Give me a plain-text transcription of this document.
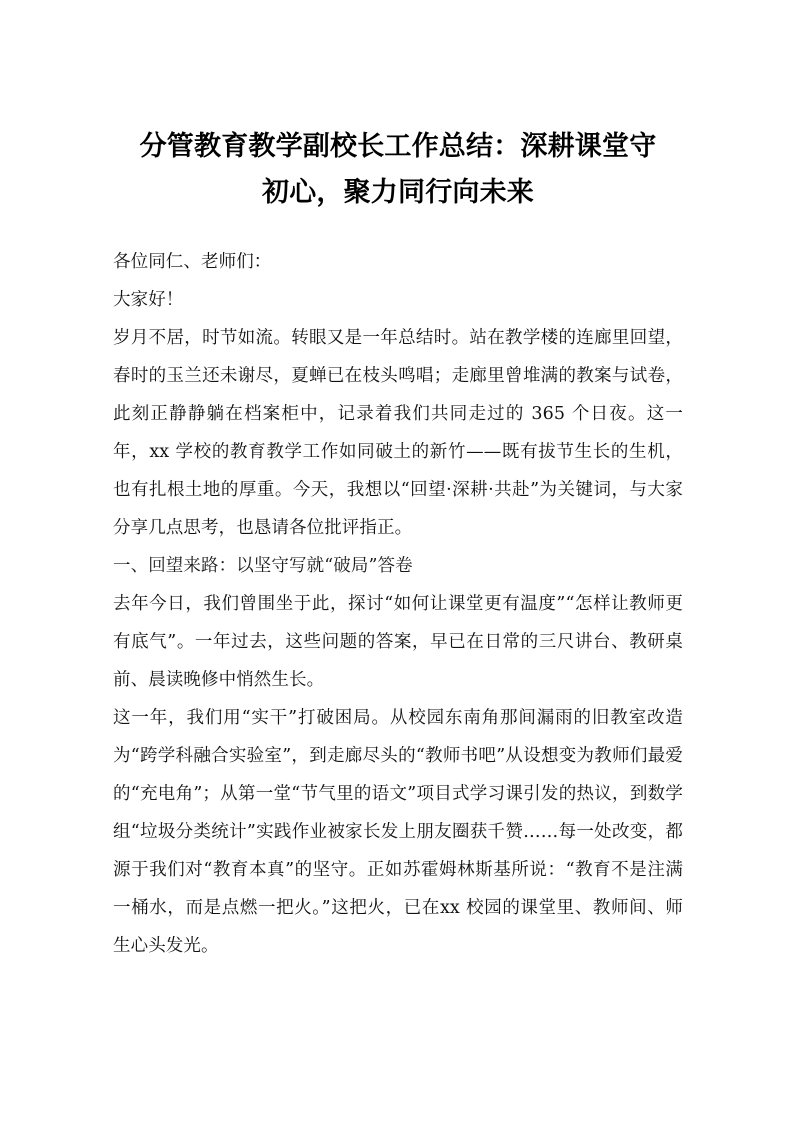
分管教育教学副校长工作总结：深耕课堂守
初心，聚力同行向未来

各位同仁、老师们：

大家好！

岁月不居，时节如流。转眼又是一年总结时。站在教学楼的连廊里回望，春时的玉兰还未谢尽，夏蝉已在枝头鸣唱；走廊里曾堆满的教案与试卷，此刻正静静躺在档案柜中，记录着我们共同走过的 365 个日夜。这一年，xx 学校的教育教学工作如同破土的新竹——既有拔节生长的生机，也有扎根土地的厚重。今天，我想以“回望·深耕·共赴”为关键词，与大家分享几点思考，也恳请各位批评指正。

一、回望来路：以坚守写就“破局”答卷

去年今日，我们曾围坐于此，探讨“如何让课堂更有温度”“怎样让教师更有底气”。一年过去，这些问题的答案，早已在日常的三尺讲台、教研桌前、晨读晚修中悄然生长。

这一年，我们用“实干”打破困局。从校园东南角那间漏雨的旧教室改造为“跨学科融合实验室”，到走廊尽头的“教师书吧”从设想变为教师们最爱的“充电角”；从第一堂“节气里的语文”项目式学习课引发的热议，到数学组“垃圾分类统计”实践作业被家长发上朋友圈获千赞……每一处改变，都源于我们对“教育本真”的坚守。正如苏霍姆林斯基所说：“教育不是注满一桶水，而是点燃一把火。”这把火，已在xx 校园的课堂里、教师间、师生心头发光。
